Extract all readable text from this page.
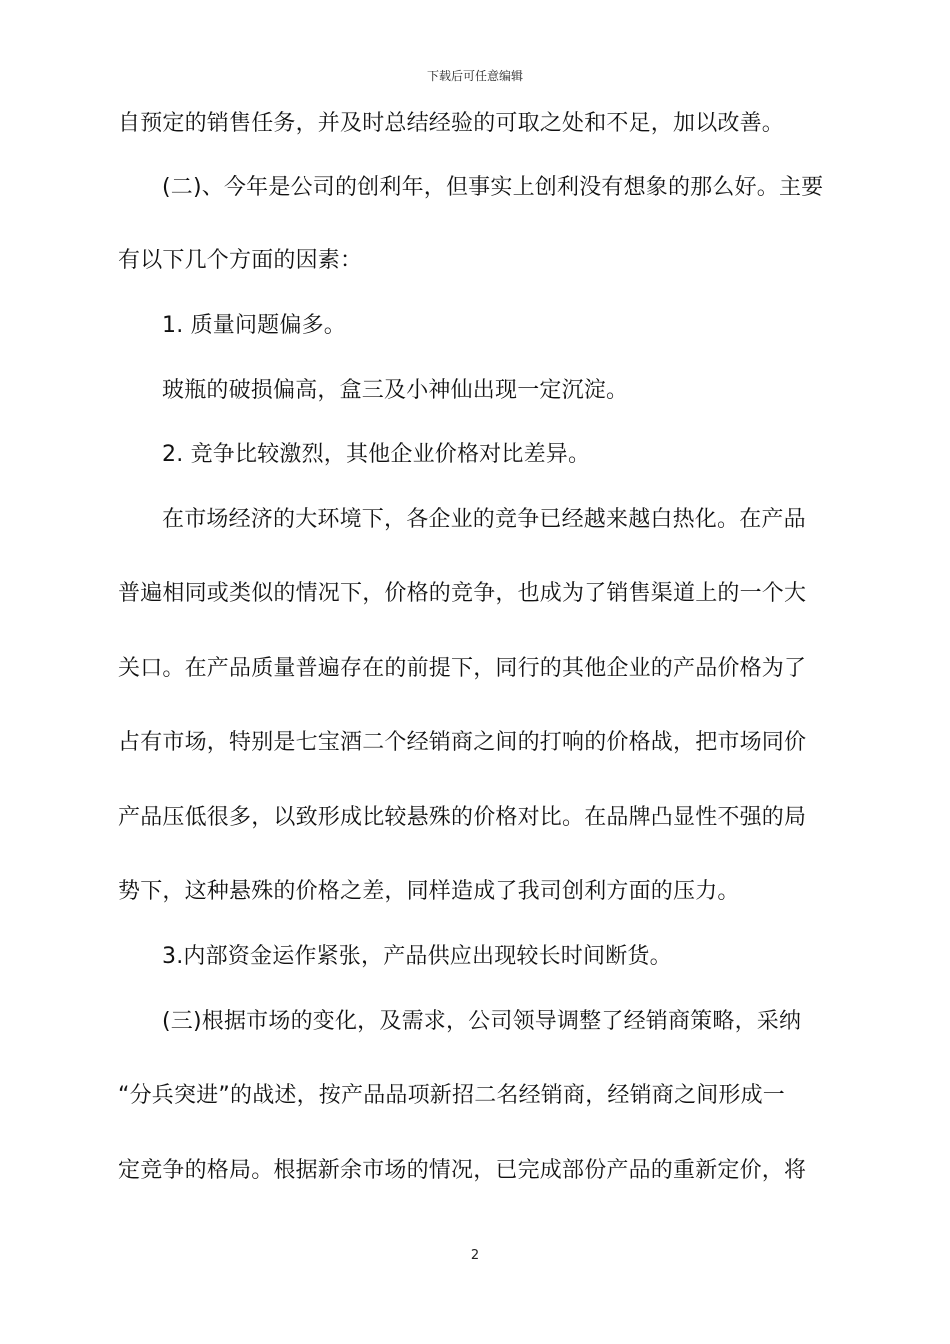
下载后可任意编辑
自预定的销售任务，并及时总结经验的可取之处和不足，加以改善。
(二)、今年是公司的创利年，但事实上创利没有想象的那么好。主要
有以下几个方面的因素：
1. 质量问题偏多。
玻瓶的破损偏高，盒三及小神仙出现一定沉淀。
2. 竞争比较激烈，其他企业价格对比差异。
在市场经济的大环境下，各企业的竞争已经越来越白热化。在产品
普遍相同或类似的情况下，价格的竞争，也成为了销售渠道上的一个大
关口。在产品质量普遍存在的前提下，同行的其他企业的产品价格为了
占有市场，特别是七宝酒二个经销商之间的打响的价格战，把市场同价
产品压低很多，以致形成比较悬殊的价格对比。在品牌凸显性不强的局
势下，这种悬殊的价格之差，同样造成了我司创利方面的压力。
3.内部资金运作紧张，产品供应出现较长时间断货。
(三)根据市场的变化，及需求，公司领导调整了经销商策略，采纳
“分兵突进”的战述，按产品品项新招二名经销商，经销商之间形成一
定竞争的格局。根据新余市场的情况，已完成部份产品的重新定价，将
2
